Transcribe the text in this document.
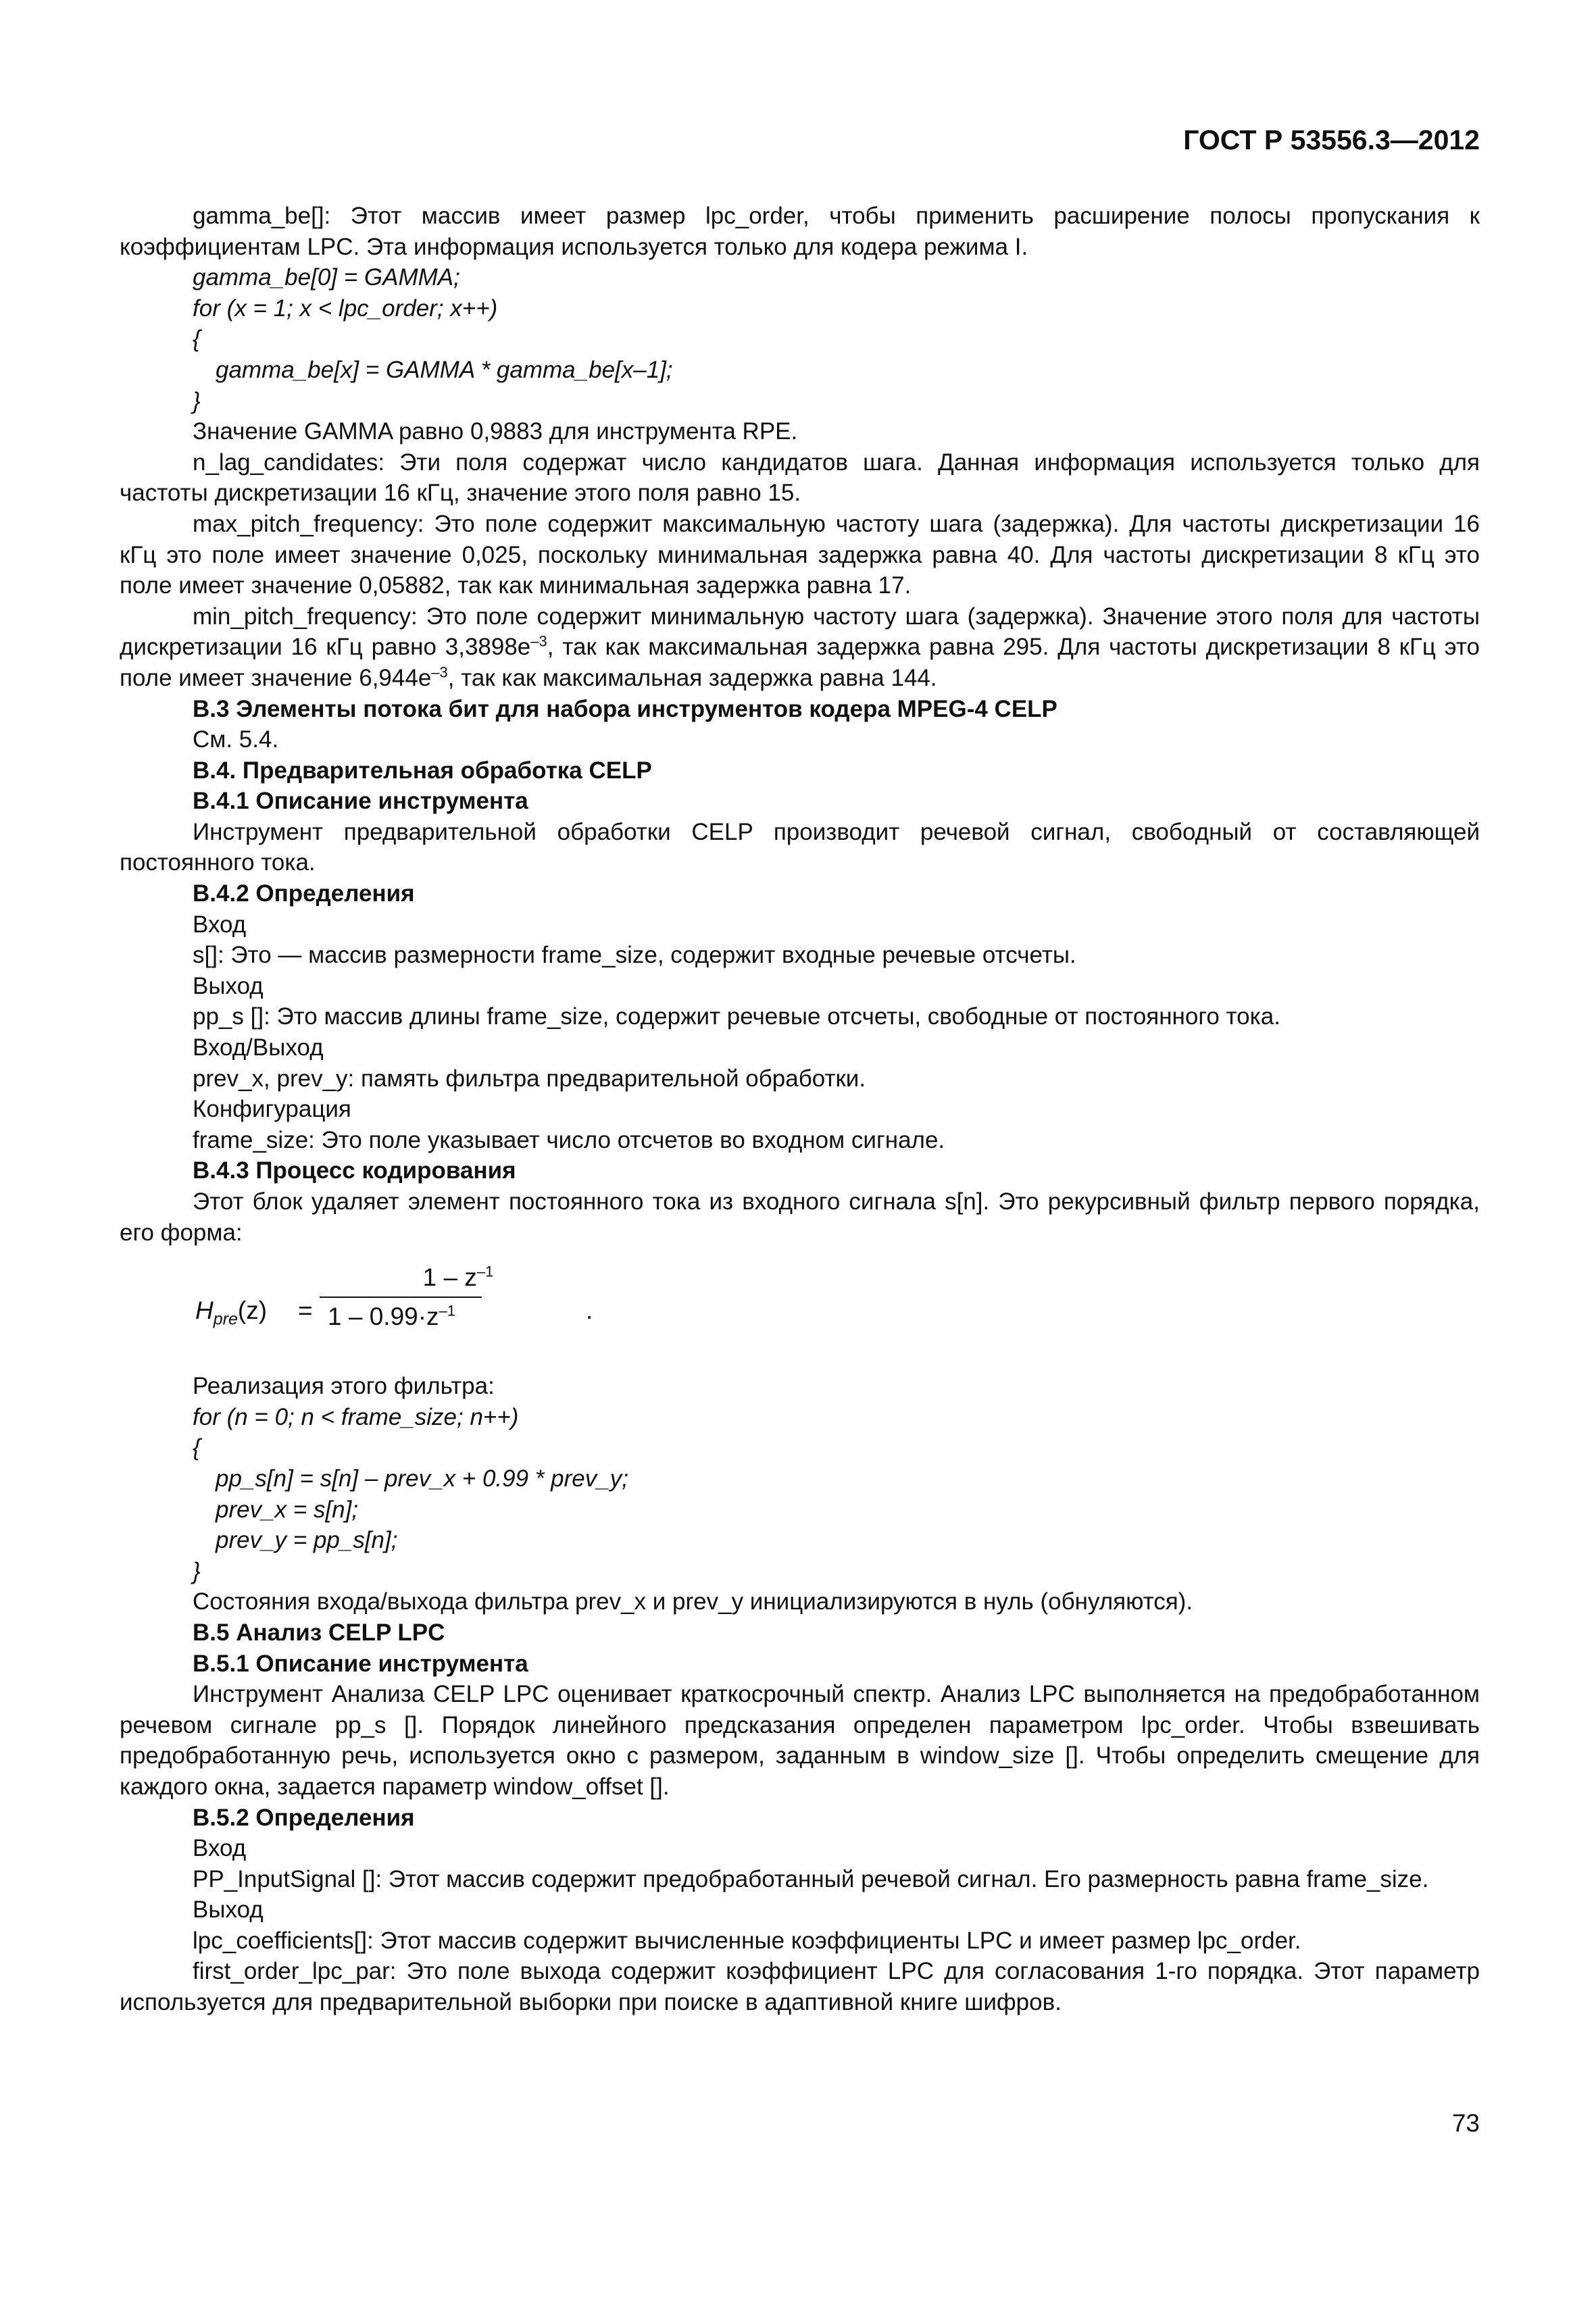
ГОСТ Р 53556.3—2012

gamma_be[]: Этот массив имеет размер lpc_order, чтобы применить расширение полосы пропускания к коэффициентам LPC. Эта информация используется только для кодера режима I.

gamma_be[0] = GAMMA;

for (x = 1; x < lpc_order; x++)

{

gamma_be[x] = GAMMA * gamma_be[x–1];

}

Значение GAMMA равно 0,9883 для инструмента RPE.

n_lag_candidates: Эти поля содержат число кандидатов шага. Данная информация используется только для частоты дискретизации 16 кГц, значение этого поля равно 15.

max_pitch_frequency: Это поле содержит максимальную частоту шага (задержка). Для частоты дискретизации 16 кГц это поле имеет значение 0,025, поскольку минимальная задержка равна 40. Для частоты дискретизации 8 кГц это поле имеет значение 0,05882, так как минимальная задержка равна 17.

min_pitch_frequency: Это поле содержит минимальную частоту шага (задержка). Значение этого поля для частоты дискретизации 16 кГц равно $3,3898e^{-3}$, так как максимальная задержка равна 295. Для частоты дискретизации 8 кГц это поле имеет значение $6,944e^{-3}$, так как максимальная задержка равна 144.

B.3 Элементы потока бит для набора инструментов кодера MPEG-4 CELP

См. 5.4.

B.4. Предварительная обработка CELP

B.4.1 Описание инструмента

Инструмент предварительной обработки CELP производит речевой сигнал, свободный от составляющей постоянного тока.

B.4.2 Определения

Вход

s[]: Это — массив размерности frame_size, содержит входные речевые отсчеты.

Выход

pp_s []: Это массив длины frame_size, содержит речевые отсчеты, свободные от постоянного тока.

Вход/Выход

prev_x, prev_y: память фильтра предварительной обработки.

Конфигурация

frame_size: Это поле указывает число отсчетов во входном сигнале.

B.4.3 Процесс кодирования

Этот блок удаляет элемент постоянного тока из входного сигнала s[n]. Это рекурсивный фильтр первого порядка, его форма:

$H_{pre}(z)$ =
$1 - z^{-1}$
$1 - 0.99\cdot z^{-1}$	.

Реализация этого фильтра:

for (n = 0; n < frame_size; n++)

{

pp_s[n] = s[n] – prev_x + 0.99 * prev_y;

prev_x = s[n];

prev_y = pp_s[n];

}

Состояния входа/выхода фильтра prev_x и prev_y инициализируются в нуль (обнуляются).

B.5 Анализ CELP LPC

B.5.1 Описание инструмента

Инструмент Анализа CELP LPC оценивает краткосрочный спектр. Анализ LPC выполняется на предобработанном речевом сигнале pp_s []. Порядок линейного предсказания определен параметром lpc_order. Чтобы взвешивать предобработанную речь, используется окно с размером, заданным в window_size []. Чтобы определить смещение для каждого окна, задается параметр window_offset [].

B.5.2 Определения

Вход

PP_InputSignal []: Этот массив содержит предобработанный речевой сигнал. Его размерность равна frame_size.

Выход

lpc_coefficients[]: Этот массив содержит вычисленные коэффициенты LPC и имеет размер lpc_order.

first_order_lpc_par: Это поле выхода содержит коэффициент LPC для согласования 1-го порядка. Этот параметр используется для предварительной выборки при поиске в адаптивной книге шифров.

73
